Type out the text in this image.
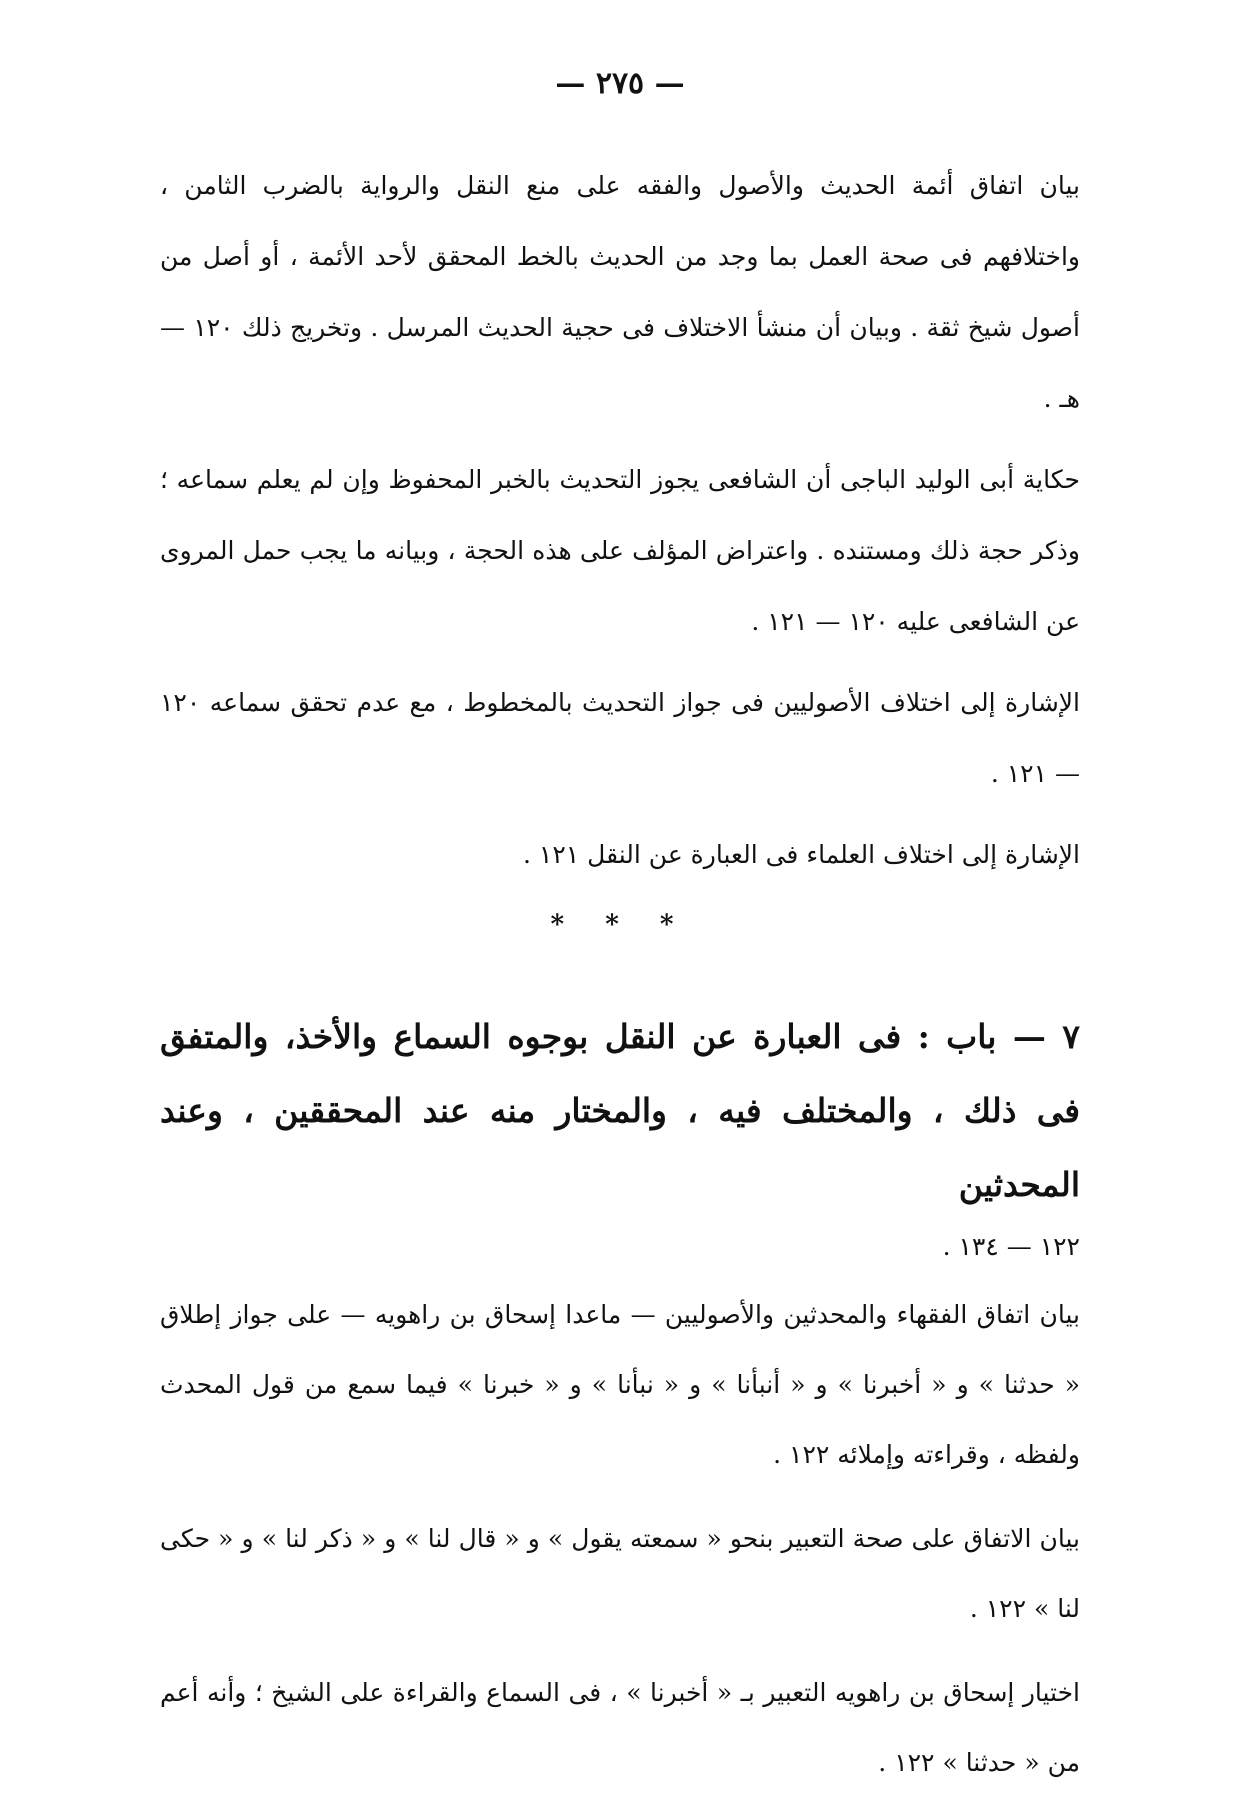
— ٢٧٥ —

بيان اتفاق أئمة الحديث والأصول والفقه على منع النقل والرواية بالضرب الثامن ، واختلافهم فى صحة العمل بما وجد من الحديث بالخط المحقق لأحد الأئمة ، أو أصل من أصول شيخ ثقة . وبيان أن منشأ الاختلاف فى حجية الحديث المرسل . وتخريج ذلك ١٢٠ — هـ .

حكاية أبى الوليد الباجى أن الشافعى يجوز التحديث بالخبر المحفوظ وإن لم يعلم سماعه ؛ وذكر حجة ذلك ومستنده . واعتراض المؤلف على هذه الحجة ، وبيانه ما يجب حمل المروى عن الشافعى عليه ١٢٠ — ١٢١ .

الإشارة إلى اختلاف الأصوليين فى جواز التحديث بالمخطوط ، مع عدم تحقق سماعه ١٢٠ — ١٢١ .

الإشارة إلى اختلاف العلماء فى العبارة عن النقل ١٢١ .

* * *
٧ — باب : فى العبارة عن النقل بوجوه السماع والأخذ، والمتفق فى ذلك ، والمختلف فيه ، والمختار منه عند المحققين ، وعند المحدثين
١٢٢ — ١٣٤ .

بيان اتفاق الفقهاء والمحدثين والأصوليين — ماعدا إسحاق بن راهويه — على جواز إطلاق « حدثنا » و « أخبرنا » و « أنبأنا » و « نبأنا » و « خبرنا » فيما سمع من قول المحدث ولفظه ، وقراءته وإملائه ١٢٢ .

بيان الاتفاق على صحة التعبير بنحو « سمعته يقول » و « قال لنا » و « ذكر لنا » و « حكى لنا » ١٢٢ .

اختيار إسحاق بن راهويه التعبير بـ « أخبرنا » ، فى السماع والقراءة على الشيخ ؛ وأنه أعم من « حدثنا » ١٢٢ .
